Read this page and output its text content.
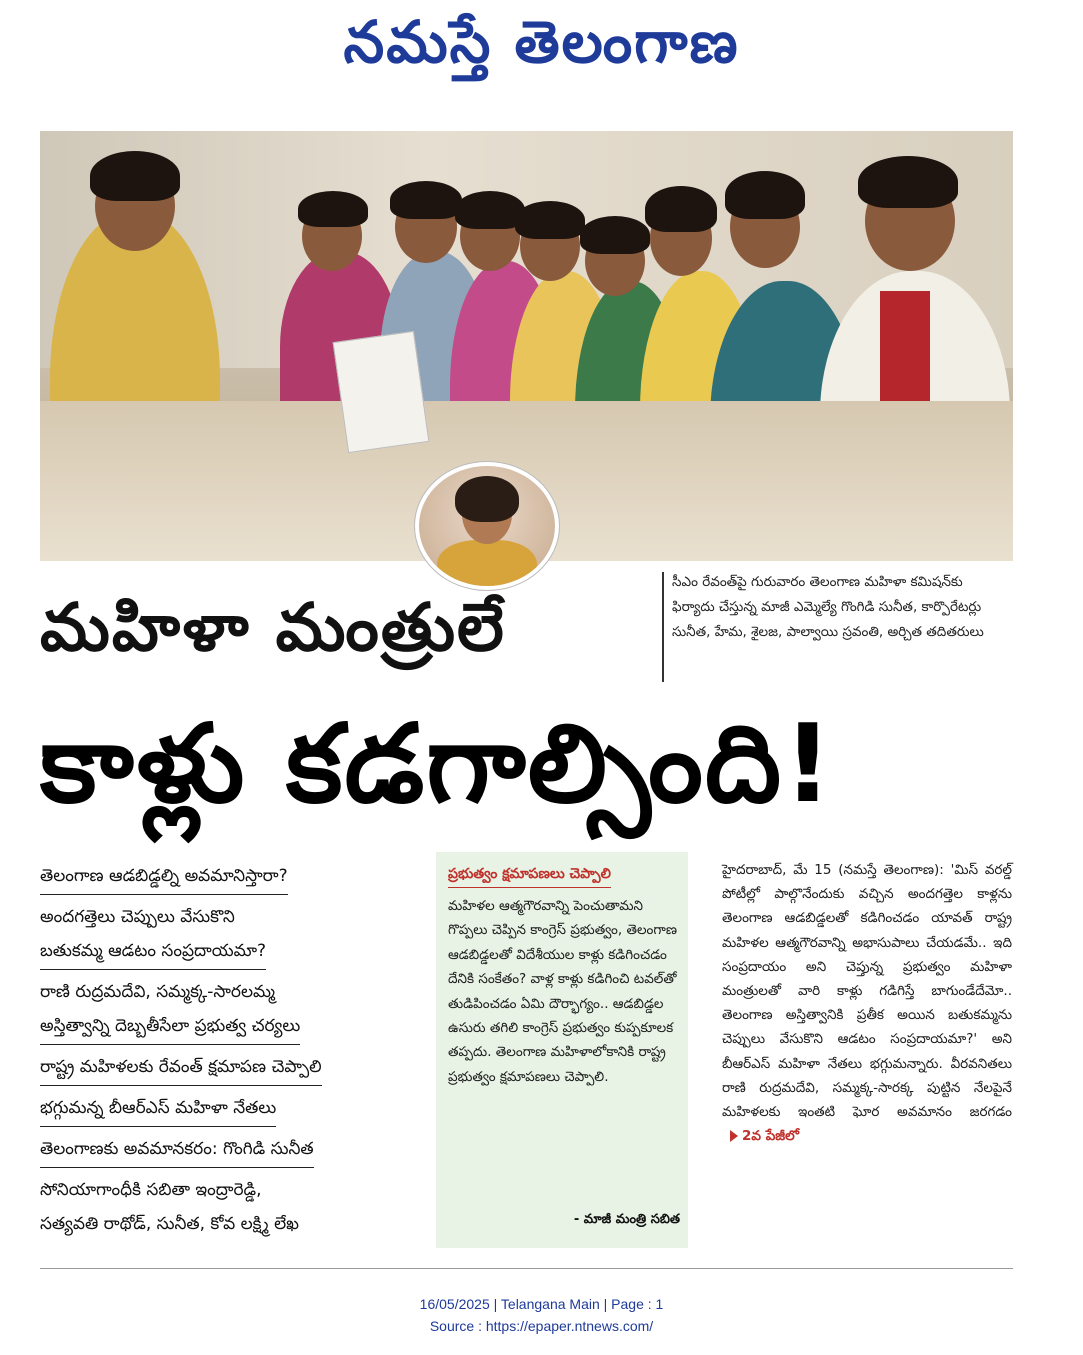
నమస్తే తెలంగాణ
సీఎం రేవంత్‌పై గురువారం తెలంగాణ మహిళా కమిషన్‌కు ఫిర్యాదు చేస్తున్న మాజీ ఎమ్మెల్యే గొంగిడి సునీత, కార్పొరేటర్లు సునీత, హేమ, శైలజ, పాల్వాయి స్రవంతి, అర్చిత తదితరులు
మహిళా మంత్రులే
కాళ్లు కడగాల్సింది!
తెలంగాణ ఆడబిడ్డల్ని అవమానిస్తారా?
అందగత్తెలు చెప్పులు వేసుకొని
బతుకమ్మ ఆడటం సంప్రదాయమా?
రాణి రుద్రమదేవి, సమ్మక్క-సారలమ్మ
అస్తిత్వాన్ని దెబ్బతీసేలా ప్రభుత్వ చర్యలు
రాష్ట్ర మహిళలకు రేవంత్ క్షమాపణ చెప్పాలి
భగ్గుమన్న బీఆర్ఎస్ మహిళా నేతలు
తెలంగాణకు అవమానకరం: గొంగిడి సునీత
సోనియాగాంధీకి సబితా ఇంద్రారెడ్డి,
సత్యవతి రాథోడ్, సునీత, కోవ లక్ష్మి లేఖ
ప్రభుత్వం క్షమాపణలు చెప్పాలి
మహిళల ఆత్మగౌరవాన్ని పెంచుతామని గొప్పలు చెప్పిన కాంగ్రెస్ ప్రభుత్వం, తెలంగాణ ఆడబిడ్డలతో విదేశీయుల కాళ్లు కడిగించడం దేనికి సంకేతం? వాళ్ల కాళ్లు కడిగించి టవల్‌తో తుడిపించడం ఏమి దౌర్భాగ్యం.. ఆడబిడ్డల ఉసురు తగిలి కాంగ్రెస్ ప్రభుత్వం కుప్పకూలక తప్పదు. తెలంగాణ మహిళాలోకానికి రాష్ట్ర ప్రభుత్వం క్షమాపణలు చెప్పాలి.
- మాజీ మంత్రి సబిత
హైదరాబాద్, మే 15 (నమస్తే తెలంగాణ): 'మిస్ వరల్డ్ పోటీల్లో పాల్గొనేందుకు వచ్చిన అందగత్తెల కాళ్లను తెలంగాణ ఆడబిడ్డలతో కడిగించడం యావత్ రాష్ట్ర మహిళల ఆత్మగౌరవాన్ని అభాసుపాలు చేయడమే.. ఇది సంప్రదాయం అని చెప్తున్న ప్రభుత్వం మహిళా మంత్రులతో వారి కాళ్లు గడిగిస్తే బాగుండేదేమో.. తెలంగాణ అస్తిత్వానికి ప్రతీక అయిన బతుకమ్మను చెప్పులు వేసుకొని ఆడటం సంప్రదాయమా?' అని బీఆర్ఎస్ మహిళా నేతలు భగ్గుమన్నారు. వీరవనితలు రాణి రుద్రమదేవి, సమ్మక్క-సారక్క పుట్టిన నేలపైనే మహిళలకు ఇంతటి ఘోర అవమానం జరగడం 2వ పేజీలో
16/05/2025 | Telangana Main | Page : 1
Source : https://epaper.ntnews.com/
